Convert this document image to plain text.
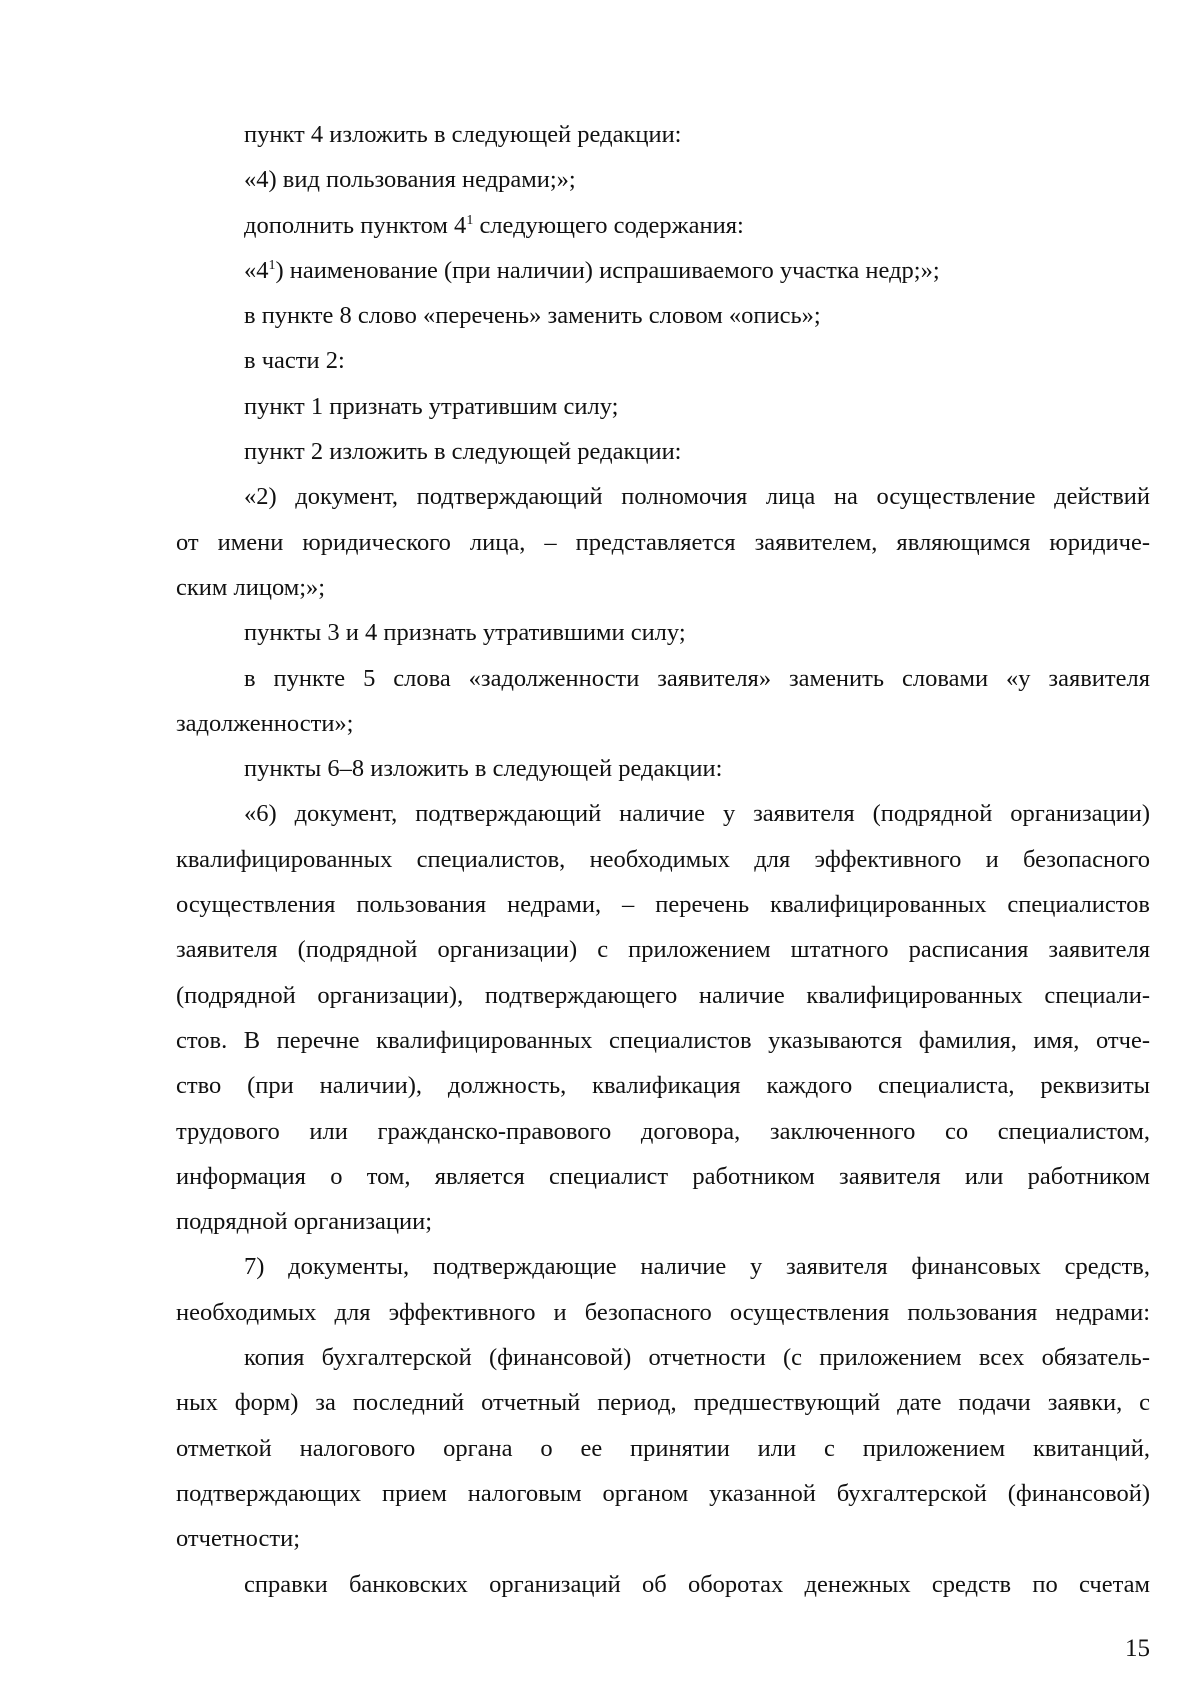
пункт 4 изложить в следующей редакции:

«4) вид пользования недрами;»;

дополнить пунктом $4^1$ следующего содержания:

«$4^1$) наименование (при наличии) испрашиваемого участка недр;»;

в пункте 8 слово «перечень» заменить словом «опись»;

в части 2:

пункт 1 признать утратившим силу;

пункт 2 изложить в следующей редакции:

«2) документ, подтверждающий полномочия лица на осуществление действий

от имени юридического лица, – представляется заявителем, являющимся юридиче-

ским лицом;»;

пункты 3 и 4 признать утратившими силу;

в пункте 5 слова «задолженности заявителя» заменить словами «у заявителя

задолженности»;

пункты 6–8 изложить в следующей редакции:

«6) документ, подтверждающий наличие у заявителя (подрядной организации)

квалифицированных специалистов, необходимых для эффективного и безопасного

осуществления пользования недрами, – перечень квалифицированных специалистов

заявителя (подрядной организации) с приложением штатного расписания заявителя

(подрядной организации), подтверждающего наличие квалифицированных специали-

стов. В перечне квалифицированных специалистов указываются фамилия, имя, отче-

ство (при наличии), должность, квалификация каждого специалиста, реквизиты

трудового или гражданско-правового договора, заключенного со специалистом,

информация о том, является специалист работником заявителя или работником

подрядной организации;

7) документы, подтверждающие наличие у заявителя финансовых средств,

необходимых для эффективного и безопасного осуществления пользования недрами:

копия бухгалтерской (финансовой) отчетности (с приложением всех обязатель-

ных форм) за последний отчетный период, предшествующий дате подачи заявки, с

отметкой налогового органа о ее принятии или с приложением квитанций,

подтверждающих прием налоговым органом указанной бухгалтерской (финансовой)

отчетности;

справки банковских организаций об оборотах денежных средств по счетам

15
